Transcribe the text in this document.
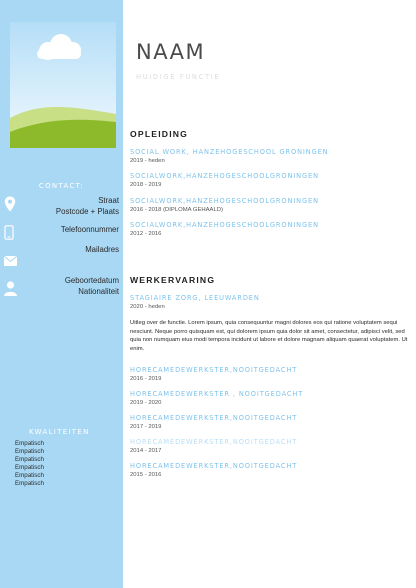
CONTACT:
Straat
Postcode + Plaats
Telefoonnummer
Mailadres
Geboortedatum
Nationaliteit
KWALITEITEN
Empatisch
Empatisch
Empatisch
Empatisch
Empatisch
Empatisch
NAAM
HUIDIGE FUNCTIE
OPLEIDING
SOCIAL WORK, HANZEHOGESCHOOL GRONINGEN
2019 - heden
SOCIALWORK,HANZEHOGESCHOOLGRONINGEN
2018 - 2019
SOCIALWORK,HANZEHOGESCHOOLGRONINGEN
2016 - 2018 (DIPLOMA GEHAALD)
SOCIALWORK,HANZEHOGESCHOOLGRONINGEN
2012 - 2016
WERKERVARING
STAGIAIRE ZORG, LEEUWARDEN
2020 - heden
Uitleg over de functie. Lorem ipsum, quia consequuntur magni dolores eos qui ratione voluptatem sequi nesciunt. Neque porro quisquam est, qui dolorem ipsum quia dolor sit amet, consectetur, adipisci velit, sed quia non numquam eius modi tempora incidunt ut labore et dolore magnam aliquam quaerat voluptatem. Ut enim.
HORECAMEDEWERKSTER,NOOITGEDACHT
2016 - 2019
HORECAMEDEWERKSTER , NOOITGEDACHT
2019 - 2020
HORECAMEDEWERKSTER,NOOITGEDACHT
2017 - 2019
HORECAMEDEWERKSTER,NOOITGEDACHT
2014 - 2017
HORECAMEDEWERKSTER,NOOITGEDACHT
2015 - 2016
